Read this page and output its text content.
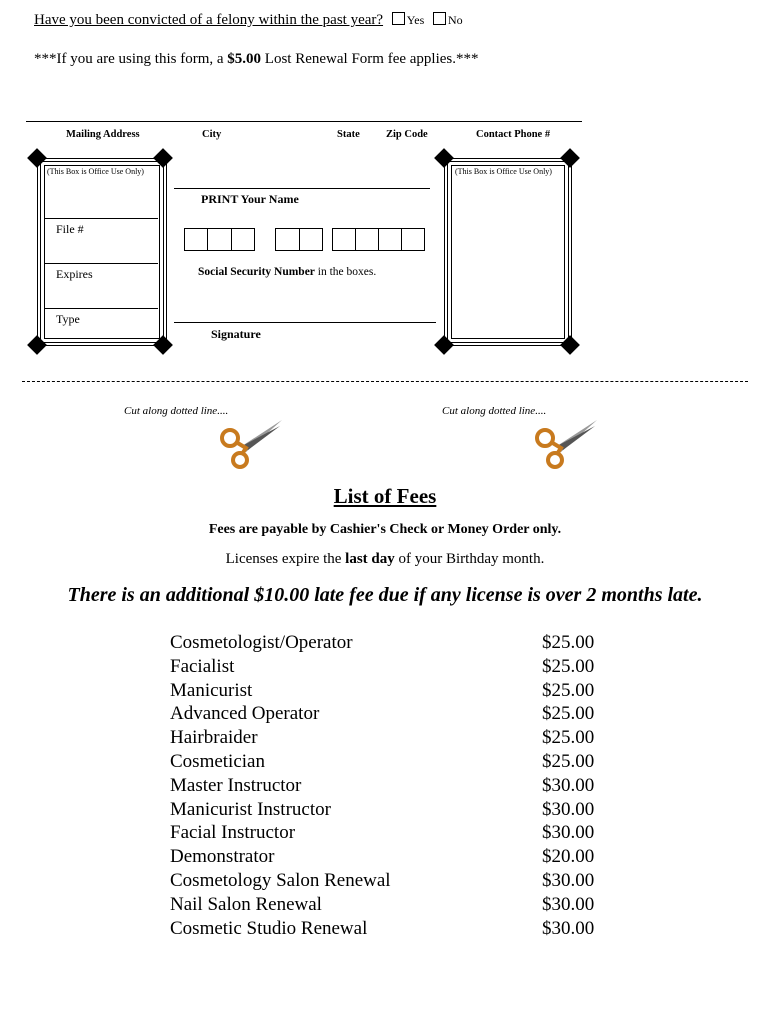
Have you been convicted of a felony within the past year? Yes No
***If you are using this form, a $5.00 Lost Renewal Form fee applies.***
Mailing Address	City	State	Zip Code	Contact Phone #
(This Box is Office Use Only)
File #
Expires
Type
(This Box is Office Use Only)
PRINT Your Name
Social Security Number in the boxes.
Signature
Cut along dotted line....	Cut along dotted line....
List of Fees
Fees are payable by Cashier's Check or Money Order only.
Licenses expire the last day of your Birthday month.
There is an additional $10.00 late fee due if any license is over 2 months late.
Cosmetologist/Operator	$25.00
Facialist	$25.00
Manicurist	$25.00
Advanced Operator	$25.00
Hairbraider	$25.00
Cosmetician	$25.00
Master Instructor	$30.00
Manicurist Instructor	$30.00
Facial Instructor	$30.00
Demonstrator	$20.00
Cosmetology Salon Renewal	$30.00
Nail Salon Renewal	$30.00
Cosmetic Studio Renewal	$30.00
